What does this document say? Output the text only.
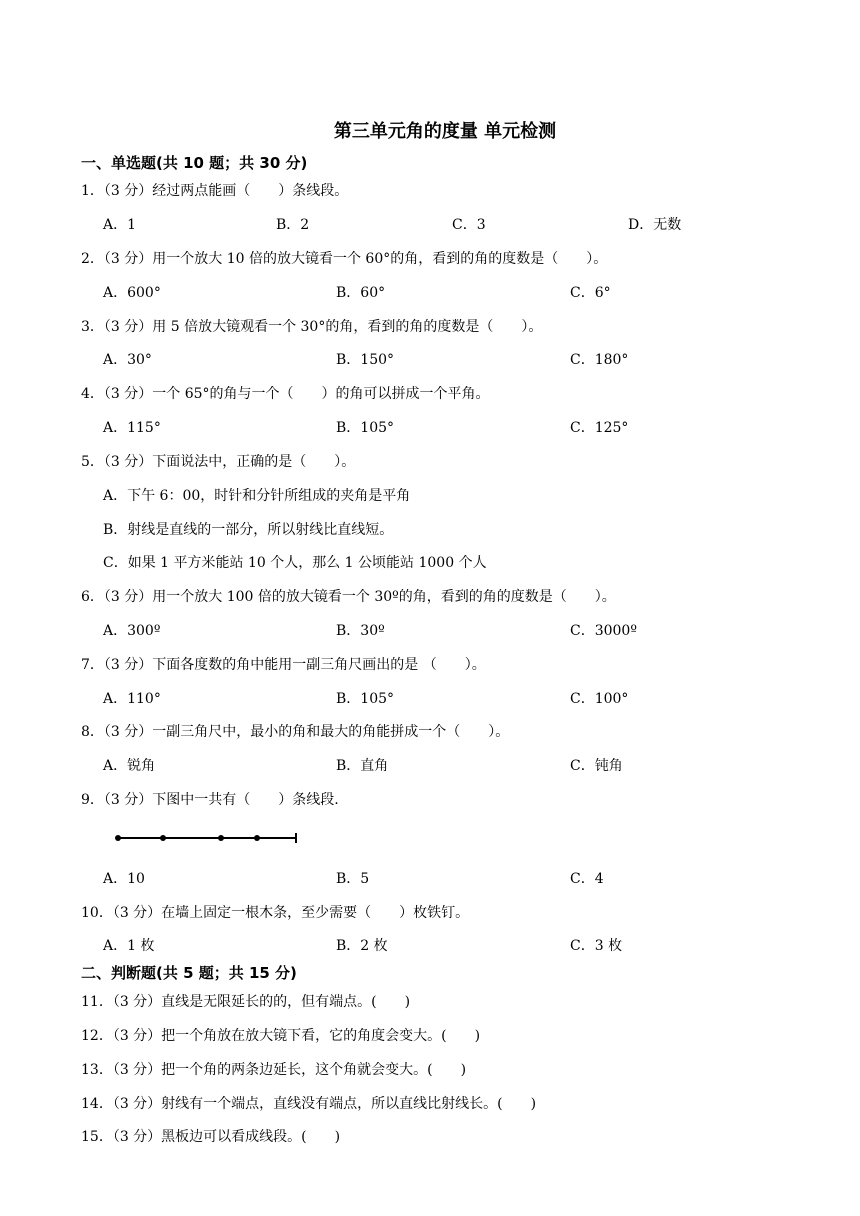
第三单元角的度量 单元检测
一、单选题(共 10 题；共 30 分)
1．（3 分）经过两点能画（　　）条线段。
A．1	B．2	C．3	D．无数
2．（3 分）用一个放大 10 倍的放大镜看一个 60°的角，看到的角的度数是（　　）。
A．600°	B．60°	C．6°
3．（3 分）用 5 倍放大镜观看一个 30°的角，看到的角的度数是（　　）。
A．30°	B．150°	C．180°
4．（3 分）一个 65°的角与一个（　　）的角可以拼成一个平角。
A．115°	B．105°	C．125°
5．（3 分）下面说法中，正确的是（　　）。
A．下午 6：00，时针和分针所组成的夹角是平角
B．射线是直线的一部分，所以射线比直线短。
C．如果 1 平方米能站 10 个人，那么 1 公顷能站 1000 个人
6．（3 分）用一个放大 100 倍的放大镜看一个 30º的角，看到的角的度数是（　　）。
A．300º	B．30º	C．3000º
7．（3 分）下面各度数的角中能用一副三角尺画出的是 （　　）。
A．110°	B．105°	C．100°
8．（3 分）一副三角尺中，最小的角和最大的角能拼成一个（　　）。
A．锐角	B．直角	C．钝角
9．（3 分）下图中一共有（　　）条线段.
A．10	B．5	C．4
10．（3 分）在墙上固定一根木条，至少需要（　　）枚铁钉。
A．1 枚	B．2 枚	C．3 枚
二、判断题(共 5 题；共 15 分)
11．（3 分）直线是无限延长的的，但有端点。(　　)
12．（3 分）把一个角放在放大镜下看，它的角度会变大。(　　)
13．（3 分）把一个角的两条边延长，这个角就会变大。(　　)
14．（3 分）射线有一个端点，直线没有端点，所以直线比射线长。(　　)
15．（3 分）黑板边可以看成线段。(　　)
